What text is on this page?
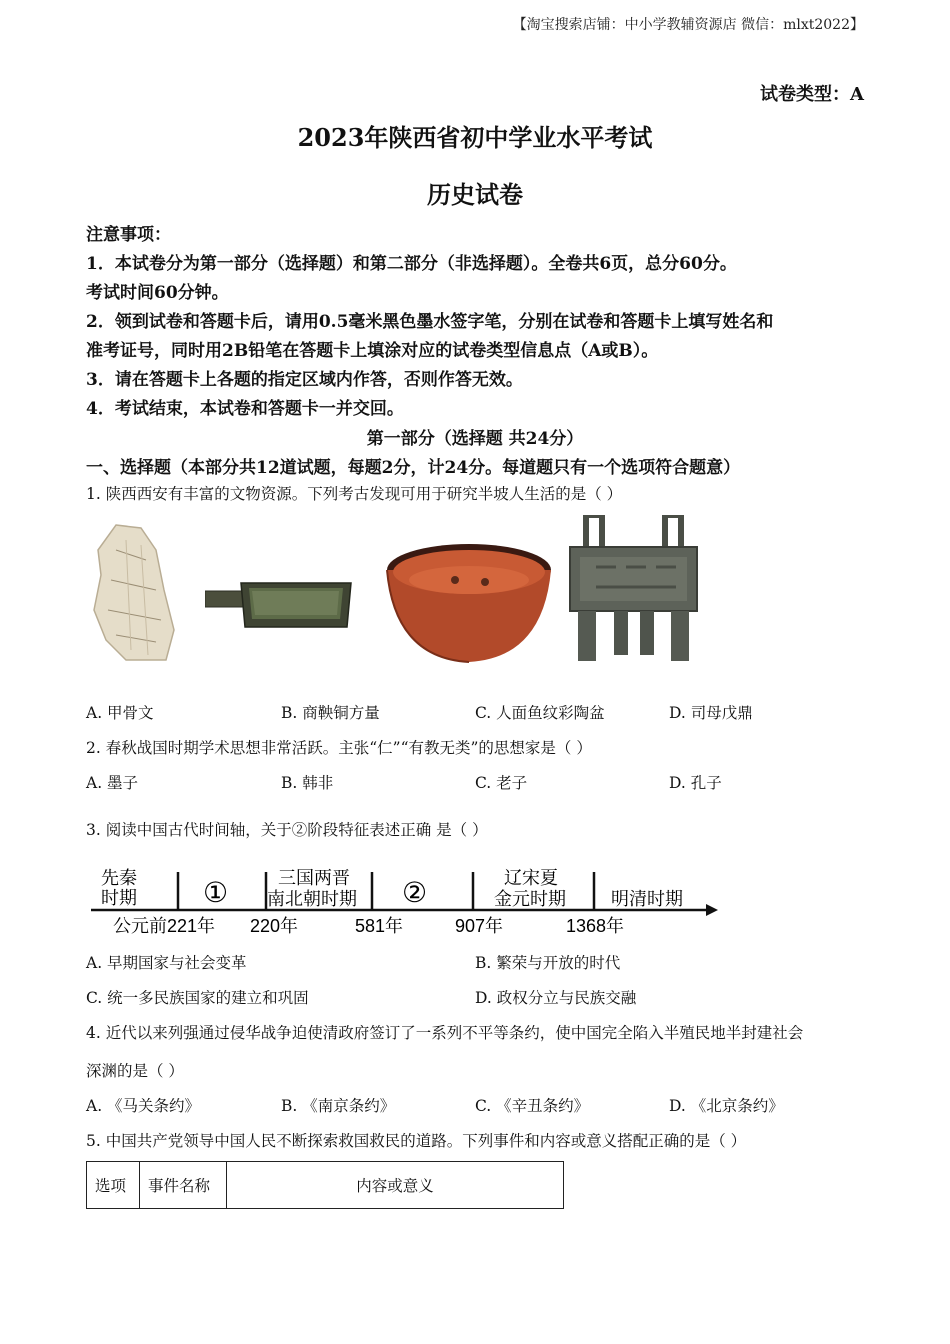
【淘宝搜索店铺：中小学教辅资源店 微信：mlxt2022】
试卷类型：A
2023年陕西省初中学业水平考试
历史试卷
注意事项：
1．本试卷分为第一部分（选择题）和第二部分（非选择题）。全卷共6页，总分60分。
考试时间60分钟。
2．领到试卷和答题卡后，请用0.5毫米黑色墨水签字笔，分别在试卷和答题卡上填写姓名和
准考证号，同时用2B铅笔在答题卡上填涂对应的试卷类型信息点（A或B）。
3．请在答题卡上各题的指定区域内作答，否则作答无效。
4．考试结束，本试卷和答题卡一并交回。
第一部分（选择题 共24分）
一、选择题（本部分共12道试题，每题2分，计24分。每道题只有一个选项符合题意）
1. 陕西西安有丰富的文物资源。下列考古发现可用于研究半坡人生活的是（ ）
A. 甲骨文	B. 商鞅铜方量	C. 人面鱼纹彩陶盆	D. 司母戊鼎
2. 春秋战国时期学术思想非常活跃。主张“仁”“有教无类”的思想家是（ ）
A. 墨子	B. 韩非	C. 老子	D. 孔子
3. 阅读中国古代时间轴，关于②阶段特征表述正确 是（ ）
先秦
时期 ①	三国两晋
南北朝时期 ②	辽宋夏
金元时期	明清时期
公元前221年 220年	581年	907年	1368年
A. 早期国家与社会变革	B. 繁荣与开放的时代
C. 统一多民族国家的建立和巩固	D. 政权分立与民族交融
4. 近代以来列强通过侵华战争迫使清政府签订了一系列不平等条约，使中国完全陷入半殖民地半封建社会
深渊的是（ ）
A. 《马关条约》	B. 《南京条约》	C. 《辛丑条约》	D. 《北京条约》
5. 中国共产党领导中国人民不断探索救国救民的道路。下列事件和内容或意义搭配正确的是（ ）
选项	事件名称	内容或意义
